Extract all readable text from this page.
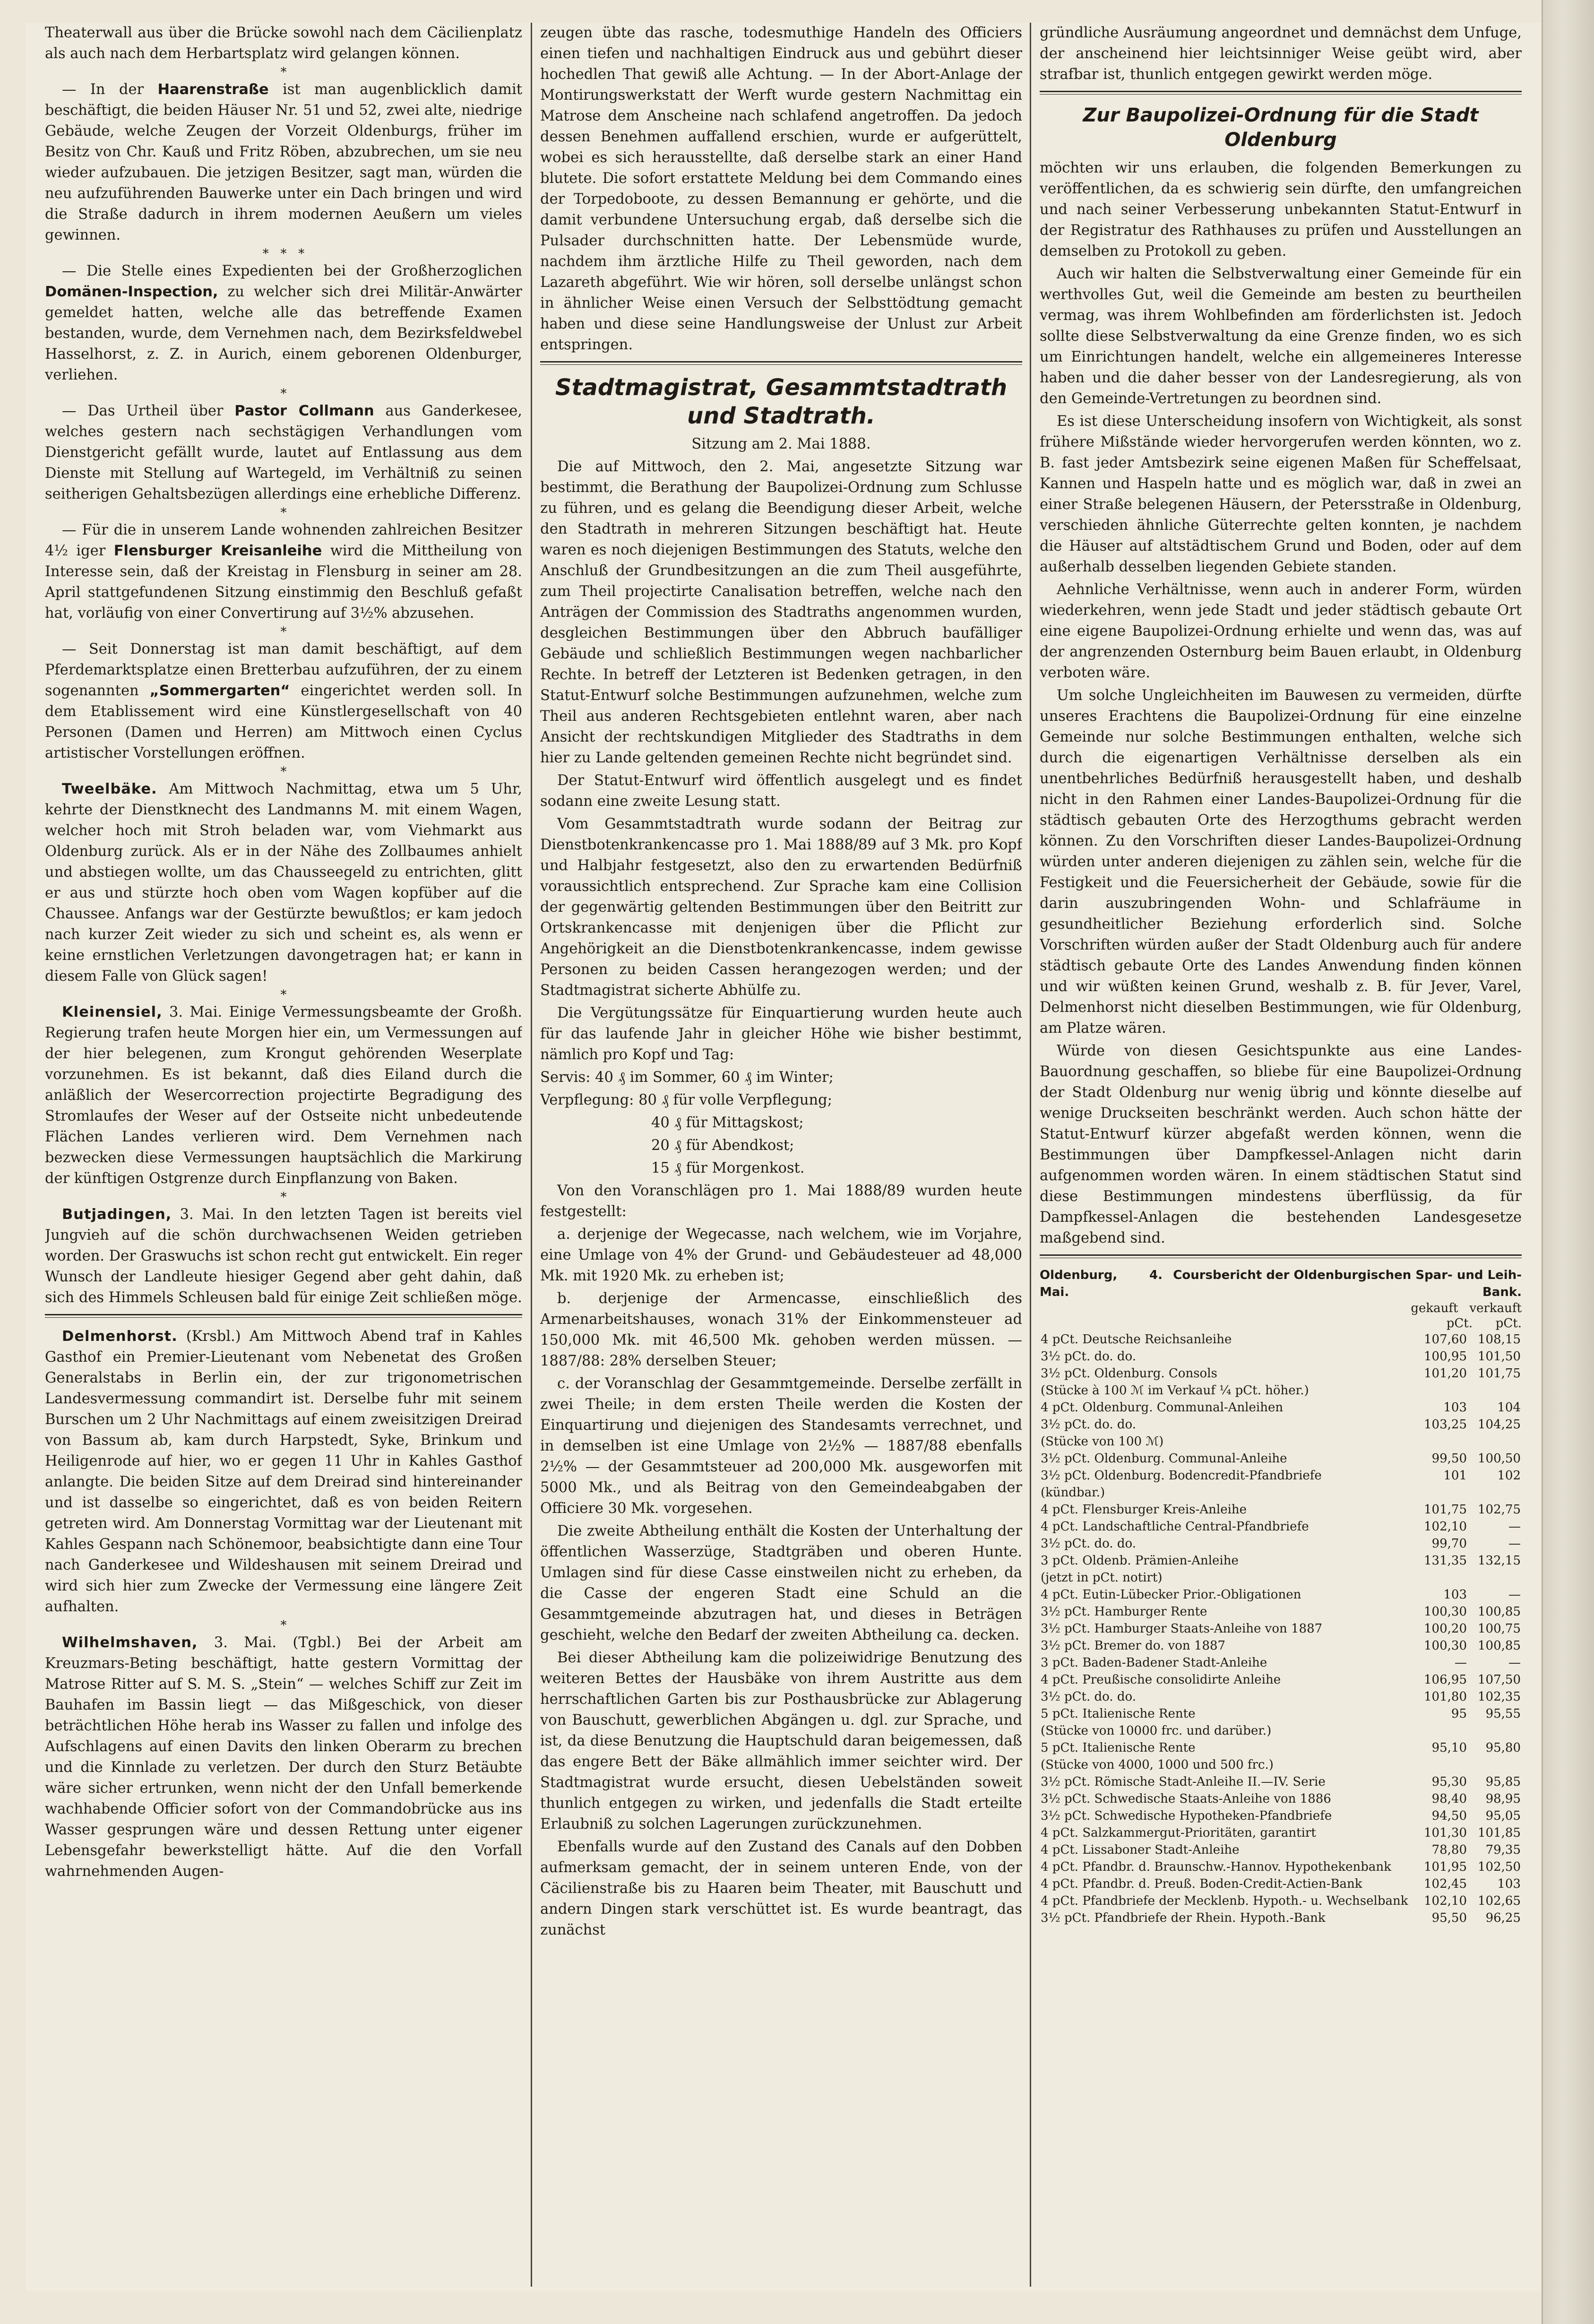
Theaterwall aus über die Brücke sowohl nach dem Cäcilienplatz als auch nach dem Herbartsplatz wird gelangen können.

*

— In der Haarenstraße ist man augenblicklich damit beschäftigt, die beiden Häuser Nr. 51 und 52, zwei alte, niedrige Gebäude, welche Zeugen der Vorzeit Oldenburgs, früher im Besitz von Chr. Kauß und Fritz Röben, abzubrechen, um sie neu wieder aufzubauen. Die jetzigen Besitzer, sagt man, würden die neu aufzuführenden Bauwerke unter ein Dach bringen und wird die Straße dadurch in ihrem modernen Aeußern um vieles gewinnen.

*   *   *

— Die Stelle eines Expedienten bei der Großherzoglichen Domänen-Inspection, zu welcher sich drei Militär-Anwärter gemeldet hatten, welche alle das betreffende Examen bestanden, wurde, dem Vernehmen nach, dem Bezirksfeldwebel Hasselhorst, z. Z. in Aurich, einem geborenen Oldenburger, verliehen.

*

— Das Urtheil über Pastor Collmann aus Ganderkesee, welches gestern nach sechstägigen Verhandlungen vom Dienstgericht gefällt wurde, lautet auf Entlassung aus dem Dienste mit Stellung auf Wartegeld, im Verhältniß zu seinen seitherigen Gehaltsbezügen allerdings eine erhebliche Differenz.

*

— Für die in unserem Lande wohnenden zahlreichen Besitzer 4½ iger Flensburger Kreisanleihe wird die Mittheilung von Interesse sein, daß der Kreistag in Flensburg in seiner am 28. April stattgefundenen Sitzung einstimmig den Beschluß gefaßt hat, vorläufig von einer Convertirung auf 3½% abzusehen.

*

— Seit Donnerstag ist man damit beschäftigt, auf dem Pferdemarktsplatze einen Bretterbau aufzuführen, der zu einem sogenannten „Sommergarten“ eingerichtet werden soll. In dem Etablissement wird eine Künstlergesellschaft von 40 Personen (Damen und Herren) am Mittwoch einen Cyclus artistischer Vorstellungen eröffnen.

*

Tweelbäke. Am Mittwoch Nachmittag, etwa um 5 Uhr, kehrte der Dienstknecht des Landmanns M. mit einem Wagen, welcher hoch mit Stroh beladen war, vom Viehmarkt aus Oldenburg zurück. Als er in der Nähe des Zollbaumes anhielt und abstiegen wollte, um das Chausseegeld zu entrichten, glitt er aus und stürzte hoch oben vom Wagen kopfüber auf die Chaussee. Anfangs war der Gestürzte bewußtlos; er kam jedoch nach kurzer Zeit wieder zu sich und scheint es, als wenn er keine ernstlichen Verletzungen davongetragen hat; er kann in diesem Falle von Glück sagen!

*

Kleinensiel, 3. Mai. Einige Vermessungsbeamte der Großh. Regierung trafen heute Morgen hier ein, um Vermessungen auf der hier belegenen, zum Krongut gehörenden Weserplate vorzunehmen. Es ist bekannt, daß dies Eiland durch die anläßlich der Wesercorrection projectirte Begradigung des Stromlaufes der Weser auf der Ostseite nicht unbedeutende Flächen Landes verlieren wird. Dem Vernehmen nach bezwecken diese Vermessungen hauptsächlich die Markirung der künftigen Ostgrenze durch Einpflanzung von Baken.

*

Butjadingen, 3. Mai. In den letzten Tagen ist bereits viel Jungvieh auf die schön durchwachsenen Weiden getrieben worden. Der Graswuchs ist schon recht gut entwickelt. Ein reger Wunsch der Landleute hiesiger Gegend aber geht dahin, daß sich des Himmels Schleusen bald für einige Zeit schließen möge.

Delmenhorst. (Krsbl.) Am Mittwoch Abend traf in Kahles Gasthof ein Premier-Lieutenant vom Nebenetat des Großen Generalstabs in Berlin ein, der zur trigonometrischen Landesvermessung commandirt ist. Derselbe fuhr mit seinem Burschen um 2 Uhr Nachmittags auf einem zweisitzigen Dreirad von Bassum ab, kam durch Harpstedt, Syke, Brinkum und Heiligenrode auf hier, wo er gegen 11 Uhr in Kahles Gasthof anlangte. Die beiden Sitze auf dem Dreirad sind hintereinander und ist dasselbe so eingerichtet, daß es von beiden Reitern getreten wird. Am Donnerstag Vormittag war der Lieutenant mit Kahles Gespann nach Schönemoor, beabsichtigte dann eine Tour nach Ganderkesee und Wildeshausen mit seinem Dreirad und wird sich hier zum Zwecke der Vermessung eine längere Zeit aufhalten.

*

Wilhelmshaven, 3. Mai. (Tgbl.) Bei der Arbeit am Kreuzmars-Beting beschäftigt, hatte gestern Vormittag der Matrose Ritter auf S. M. S. „Stein“ — welches Schiff zur Zeit im Bauhafen im Bassin liegt — das Mißgeschick, von dieser beträchtlichen Höhe herab ins Wasser zu fallen und infolge des Aufschlagens auf einen Davits den linken Oberarm zu brechen und die Kinnlade zu verletzen. Der durch den Sturz Betäubte wäre sicher ertrunken, wenn nicht der den Unfall bemerkende wachhabende Officier sofort von der Commandobrücke aus ins Wasser gesprungen wäre und dessen Rettung unter eigener Lebensgefahr bewerkstelligt hätte. Auf die den Vorfall wahrnehmenden Augen-

zeugen übte das rasche, todesmuthige Handeln des Officiers einen tiefen und nachhaltigen Eindruck aus und gebührt dieser hochedlen That gewiß alle Achtung. — In der Abort-Anlage der Montirungswerkstatt der Werft wurde gestern Nachmittag ein Matrose dem Anscheine nach schlafend angetroffen. Da jedoch dessen Benehmen auffallend erschien, wurde er aufgerüttelt, wobei es sich herausstellte, daß derselbe stark an einer Hand blutete. Die sofort erstattete Meldung bei dem Commando eines der Torpedoboote, zu dessen Bemannung er gehörte, und die damit verbundene Untersuchung ergab, daß derselbe sich die Pulsader durchschnitten hatte. Der Lebensmüde wurde, nachdem ihm ärztliche Hilfe zu Theil geworden, nach dem Lazareth abgeführt. Wie wir hören, soll derselbe unlängst schon in ähnlicher Weise einen Versuch der Selbsttödtung gemacht haben und diese seine Handlungsweise der Unlust zur Arbeit entspringen.

Stadtmagistrat, Gesammtstadtrath und Stadtrath.

Sitzung am 2. Mai 1888.

Die auf Mittwoch, den 2. Mai, angesetzte Sitzung war bestimmt, die Berathung der Baupolizei-Ordnung zum Schlusse zu führen, und es gelang die Beendigung dieser Arbeit, welche den Stadtrath in mehreren Sitzungen beschäftigt hat. Heute waren es noch diejenigen Bestimmungen des Statuts, welche den Anschluß der Grundbesitzungen an die zum Theil ausgeführte, zum Theil projectirte Canalisation betreffen, welche nach den Anträgen der Commission des Stadtraths angenommen wurden, desgleichen Bestimmungen über den Abbruch baufälliger Gebäude und schließlich Bestimmungen wegen nachbarlicher Rechte. In betreff der Letzteren ist Bedenken getragen, in den Statut-Entwurf solche Bestimmungen aufzunehmen, welche zum Theil aus anderen Rechtsgebieten entlehnt waren, aber nach Ansicht der rechtskundigen Mitglieder des Stadtraths in dem hier zu Lande geltenden gemeinen Rechte nicht begründet sind.

Der Statut-Entwurf wird öffentlich ausgelegt und es findet sodann eine zweite Lesung statt.

Vom Gesammtstadtrath wurde sodann der Beitrag zur Dienstbotenkrankencasse pro 1. Mai 1888/89 auf 3 Mk. pro Kopf und Halbjahr festgesetzt, also den zu erwartenden Bedürfniß voraussichtlich entsprechend. Zur Sprache kam eine Collision der gegenwärtig geltenden Bestimmungen über den Beitritt zur Ortskrankencasse mit denjenigen über die Pflicht zur Angehörigkeit an die Dienstbotenkrankencasse, indem gewisse Personen zu beiden Cassen herangezogen werden; und der Stadtmagistrat sicherte Abhülfe zu.

Die Vergütungssätze für Einquartierung wurden heute auch für das laufende Jahr in gleicher Höhe wie bisher bestimmt, nämlich pro Kopf und Tag:

Servis: 40 ₰ im Sommer, 60 ₰ im Winter;

Verpflegung: 80 ₰ für volle Verpflegung;

40 ₰ für Mittagskost;

20 ₰ für Abendkost;

15 ₰ für Morgenkost.

Von den Voranschlägen pro 1. Mai 1888/89 wurden heute festgestellt:

a. derjenige der Wegecasse, nach welchem, wie im Vorjahre, eine Umlage von 4% der Grund- und Gebäudesteuer ad 48,000 Mk. mit 1920 Mk. zu erheben ist;

b. derjenige der Armencasse, einschließlich des Armenarbeitshauses, wonach 31% der Einkommensteuer ad 150,000 Mk. mit 46,500 Mk. gehoben werden müssen. — 1887/88: 28% derselben Steuer;

c. der Voranschlag der Gesammtgemeinde. Derselbe zerfällt in zwei Theile; in dem ersten Theile werden die Kosten der Einquartirung und diejenigen des Standesamts verrechnet, und in demselben ist eine Umlage von 2½% — 1887/88 ebenfalls 2½% — der Gesammtsteuer ad 200,000 Mk. ausgeworfen mit 5000 Mk., und als Beitrag von den Gemeindeabgaben der Officiere 30 Mk. vorgesehen.

Die zweite Abtheilung enthält die Kosten der Unterhaltung der öffentlichen Wasserzüge, Stadtgräben und oberen Hunte. Umlagen sind für diese Casse einstweilen nicht zu erheben, da die Casse der engeren Stadt eine Schuld an die Gesammtgemeinde abzutragen hat, und dieses in Beträgen geschieht, welche den Bedarf der zweiten Abtheilung ca. decken.

Bei dieser Abtheilung kam die polizeiwidrige Benutzung des weiteren Bettes der Hausbäke von ihrem Austritte aus dem herrschaftlichen Garten bis zur Posthausbrücke zur Ablagerung von Bauschutt, gewerblichen Abgängen u. dgl. zur Sprache, und ist, da diese Benutzung die Hauptschuld daran beigemessen, daß das engere Bett der Bäke allmählich immer seichter wird. Der Stadtmagistrat wurde ersucht, diesen Uebelständen soweit thunlich entgegen zu wirken, und jedenfalls die Stadt erteilte Erlaubniß zu solchen Lagerungen zurückzunehmen.

Ebenfalls wurde auf den Zustand des Canals auf den Dobben aufmerksam gemacht, der in seinem unteren Ende, von der Cäcilienstraße bis zu Haaren beim Theater, mit Bauschutt und andern Dingen stark verschüttet ist. Es wurde beantragt, das zunächst

gründliche Ausräumung angeordnet und demnächst dem Unfuge, der anscheinend hier leichtsinniger Weise geübt wird, aber strafbar ist, thunlich entgegen gewirkt werden möge.

Zur Baupolizei-Ordnung für die Stadt Oldenburg

möchten wir uns erlauben, die folgenden Bemerkungen zu veröffentlichen, da es schwierig sein dürfte, den umfangreichen und nach seiner Verbesserung unbekannten Statut-Entwurf in der Registratur des Rathhauses zu prüfen und Ausstellungen an demselben zu Protokoll zu geben.

Auch wir halten die Selbstverwaltung einer Gemeinde für ein werthvolles Gut, weil die Gemeinde am besten zu beurtheilen vermag, was ihrem Wohlbefinden am förderlichsten ist. Jedoch sollte diese Selbstverwaltung da eine Grenze finden, wo es sich um Einrichtungen handelt, welche ein allgemeineres Interesse haben und die daher besser von der Landesregierung, als von den Gemeinde-Vertretungen zu beordnen sind.

Es ist diese Unterscheidung insofern von Wichtigkeit, als sonst frühere Mißstände wieder hervorgerufen werden könnten, wo z. B. fast jeder Amtsbezirk seine eigenen Maßen für Scheffelsaat, Kannen und Haspeln hatte und es möglich war, daß in zwei an einer Straße belegenen Häusern, der Petersstraße in Oldenburg, verschieden ähnliche Güterrechte gelten konnten, je nachdem die Häuser auf altstädtischem Grund und Boden, oder auf dem außerhalb desselben liegenden Gebiete standen.

Aehnliche Verhältnisse, wenn auch in anderer Form, würden wiederkehren, wenn jede Stadt und jeder städtisch gebaute Ort eine eigene Baupolizei-Ordnung erhielte und wenn das, was auf der angrenzenden Osternburg beim Bauen erlaubt, in Oldenburg verboten wäre.

Um solche Ungleichheiten im Bauwesen zu vermeiden, dürfte unseres Erachtens die Baupolizei-Ordnung für eine einzelne Gemeinde nur solche Bestimmungen enthalten, welche sich durch die eigenartigen Verhältnisse derselben als ein unentbehrliches Bedürfniß herausgestellt haben, und deshalb nicht in den Rahmen einer Landes-Baupolizei-Ordnung für die städtisch gebauten Orte des Herzogthums gebracht werden können. Zu den Vorschriften dieser Landes-Baupolizei-Ordnung würden unter anderen diejenigen zu zählen sein, welche für die Festigkeit und die Feuersicherheit der Gebäude, sowie für die darin auszubringenden Wohn- und Schlafräume in gesundheitlicher Beziehung erforderlich sind. Solche Vorschriften würden außer der Stadt Oldenburg auch für andere städtisch gebaute Orte des Landes Anwendung finden können und wir wüßten keinen Grund, weshalb z. B. für Jever, Varel, Delmenhorst nicht dieselben Bestimmungen, wie für Oldenburg, am Platze wären.

Würde von diesen Gesichtspunkte aus eine Landes-Bauordnung geschaffen, so bliebe für eine Baupolizei-Ordnung der Stadt Oldenburg nur wenig übrig und könnte dieselbe auf wenige Druckseiten beschränkt werden. Auch schon hätte der Statut-Entwurf kürzer abgefaßt werden können, wenn die Bestimmungen über Dampfkessel-Anlagen nicht darin aufgenommen worden wären. In einem städtischen Statut sind diese Bestimmungen mindestens überflüssig, da für Dampfkessel-Anlagen die bestehenden Landesgesetze maßgebend sind.

Oldenburg, 4. Mai.
Coursbericht der Oldenburgischen Spar- und Leih-Bank.
gekauft verkauft
pCt.	pCt.
4 pCt. Deutsche Reichsanleihe	107,60	108,15
3½ pCt. do. do.	100,95	101,50
3½ pCt. Oldenburg. Consols	101,20	101,75
(Stücke à 100 ℳ im Verkauf ¼ pCt. höher.)		
4 pCt. Oldenburg. Communal-Anleihen	103	104
3½ pCt. do. do.	103,25	104,25
(Stücke von 100 ℳ)		
3½ pCt. Oldenburg. Communal-Anleihe	99,50	100,50
3½ pCt. Oldenburg. Bodencredit-Pfandbriefe	101	102
(kündbar.)		
4 pCt. Flensburger Kreis-Anleihe	101,75	102,75
4 pCt. Landschaftliche Central-Pfandbriefe	102,10	—
3½ pCt. do. do.	99,70	—
3 pCt. Oldenb. Prämien-Anleihe	131,35	132,15
(jetzt in pCt. notirt)		
4 pCt. Eutin-Lübecker Prior.-Obligationen	103	—
3½ pCt. Hamburger Rente	100,30	100,85
3½ pCt. Hamburger Staats-Anleihe von 1887	100,20	100,75
3½ pCt. Bremer do. von 1887	100,30	100,85
3 pCt. Baden-Badener Stadt-Anleihe	—	—
4 pCt. Preußische consolidirte Anleihe	106,95	107,50
3½ pCt. do. do.	101,80	102,35
5 pCt. Italienische Rente	95	95,55
(Stücke von 10000 frc. und darüber.)		
5 pCt. Italienische Rente	95,10	95,80
(Stücke von 4000, 1000 und 500 frc.)		
3½ pCt. Römische Stadt-Anleihe II.—IV. Serie	95,30	95,85
3½ pCt. Schwedische Staats-Anleihe von 1886	98,40	98,95
3½ pCt. Schwedische Hypotheken-Pfandbriefe	94,50	95,05
4 pCt. Salzkammergut-Prioritäten, garantirt	101,30	101,85
4 pCt. Lissaboner Stadt-Anleihe	78,80	79,35
4 pCt. Pfandbr. d. Braunschw.-Hannov. Hypothekenbank	101,95	102,50
4 pCt. Pfandbr. d. Preuß. Boden-Credit-Actien-Bank	102,45	103
4 pCt. Pfandbriefe der Mecklenb. Hypoth.- u. Wechselbank	102,10	102,65
3½ pCt. Pfandbriefe der Rhein. Hypoth.-Bank	95,50	96,25
